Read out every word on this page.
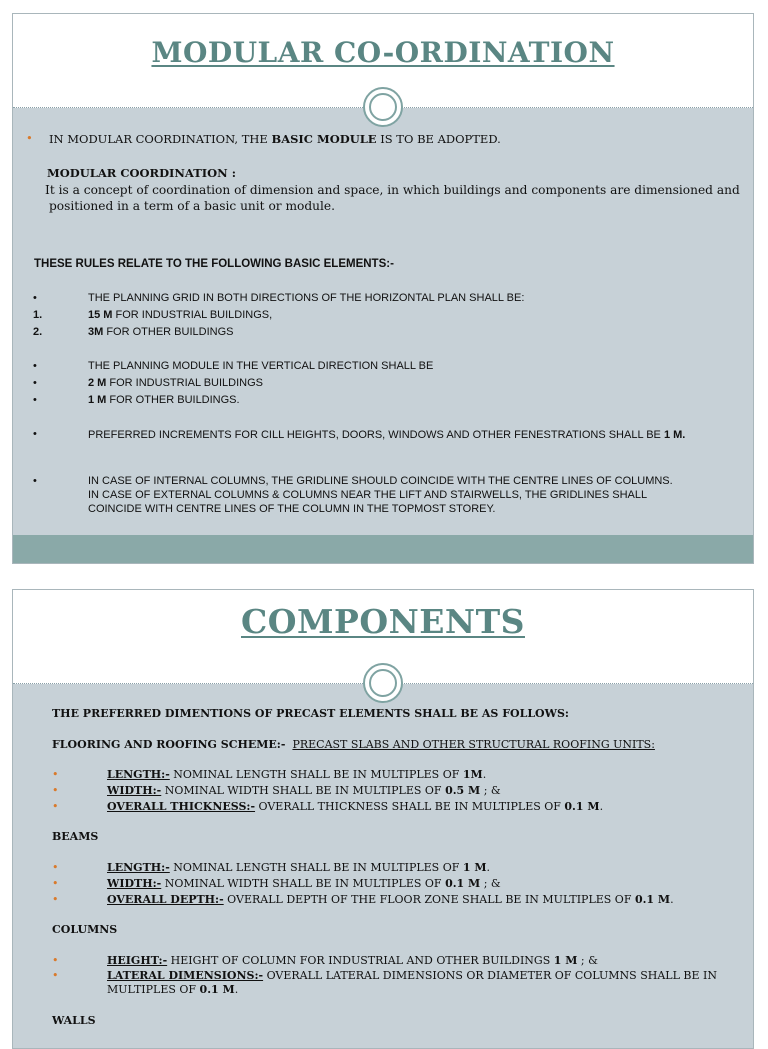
MODULAR CO-ORDINATION
• IN MODULAR COORDINATION, THE BASIC MODULE IS TO BE ADOPTED.
MODULAR COORDINATION :
It is a concept of coordination of dimension and space, in which buildings and components are dimensioned and
positioned in a term of a basic unit or module.
THESE RULES RELATE TO THE FOLLOWING BASIC ELEMENTS:-
•	THE PLANNING GRID IN BOTH DIRECTIONS OF THE HORIZONTAL PLAN SHALL BE:
1.	15 M FOR INDUSTRIAL BUILDINGS,
2.	3M FOR OTHER BUILDINGS
•	THE PLANNING MODULE IN THE VERTICAL DIRECTION SHALL BE
•	2 M FOR INDUSTRIAL BUILDINGS
•	1 M FOR OTHER BUILDINGS.
•	PREFERRED INCREMENTS FOR CILL HEIGHTS, DOORS, WINDOWS AND OTHER FENESTRATIONS SHALL BE 1 M.
•	IN CASE OF INTERNAL COLUMNS, THE GRIDLINE SHOULD COINCIDE WITH THE CENTRE LINES OF COLUMNS.
IN CASE OF EXTERNAL COLUMNS & COLUMNS NEAR THE LIFT AND STAIRWELLS, THE GRIDLINES SHALL
COINCIDE WITH CENTRE LINES OF THE COLUMN IN THE TOPMOST STOREY.
COMPONENTS
THE PREFERRED DIMENTIONS OF PRECAST ELEMENTS SHALL BE AS FOLLOWS:
FLOORING AND ROOFING SCHEME:- PRECAST SLABS AND OTHER STRUCTURAL ROOFING UNITS:
•	LENGTH:- NOMINAL LENGTH SHALL BE IN MULTIPLES OF 1M.
•	WIDTH:- NOMINAL WIDTH SHALL BE IN MULTIPLES OF 0.5 M ; &
•	OVERALL THICKNESS:- OVERALL THICKNESS SHALL BE IN MULTIPLES OF 0.1 M.
BEAMS
•	LENGTH:- NOMINAL LENGTH SHALL BE IN MULTIPLES OF 1 M.
•	WIDTH:- NOMINAL WIDTH SHALL BE IN MULTIPLES OF 0.1 M ; &
•	OVERALL DEPTH:- OVERALL DEPTH OF THE FLOOR ZONE SHALL BE IN MULTIPLES OF 0.1 M.
COLUMNS
•	HEIGHT:- HEIGHT OF COLUMN FOR INDUSTRIAL AND OTHER BUILDINGS 1 M ; &
•	LATERAL DIMENSIONS:- OVERALL LATERAL DIMENSIONS OR DIAMETER OF COLUMNS SHALL BE IN
MULTIPLES OF 0.1 M.
WALLS
